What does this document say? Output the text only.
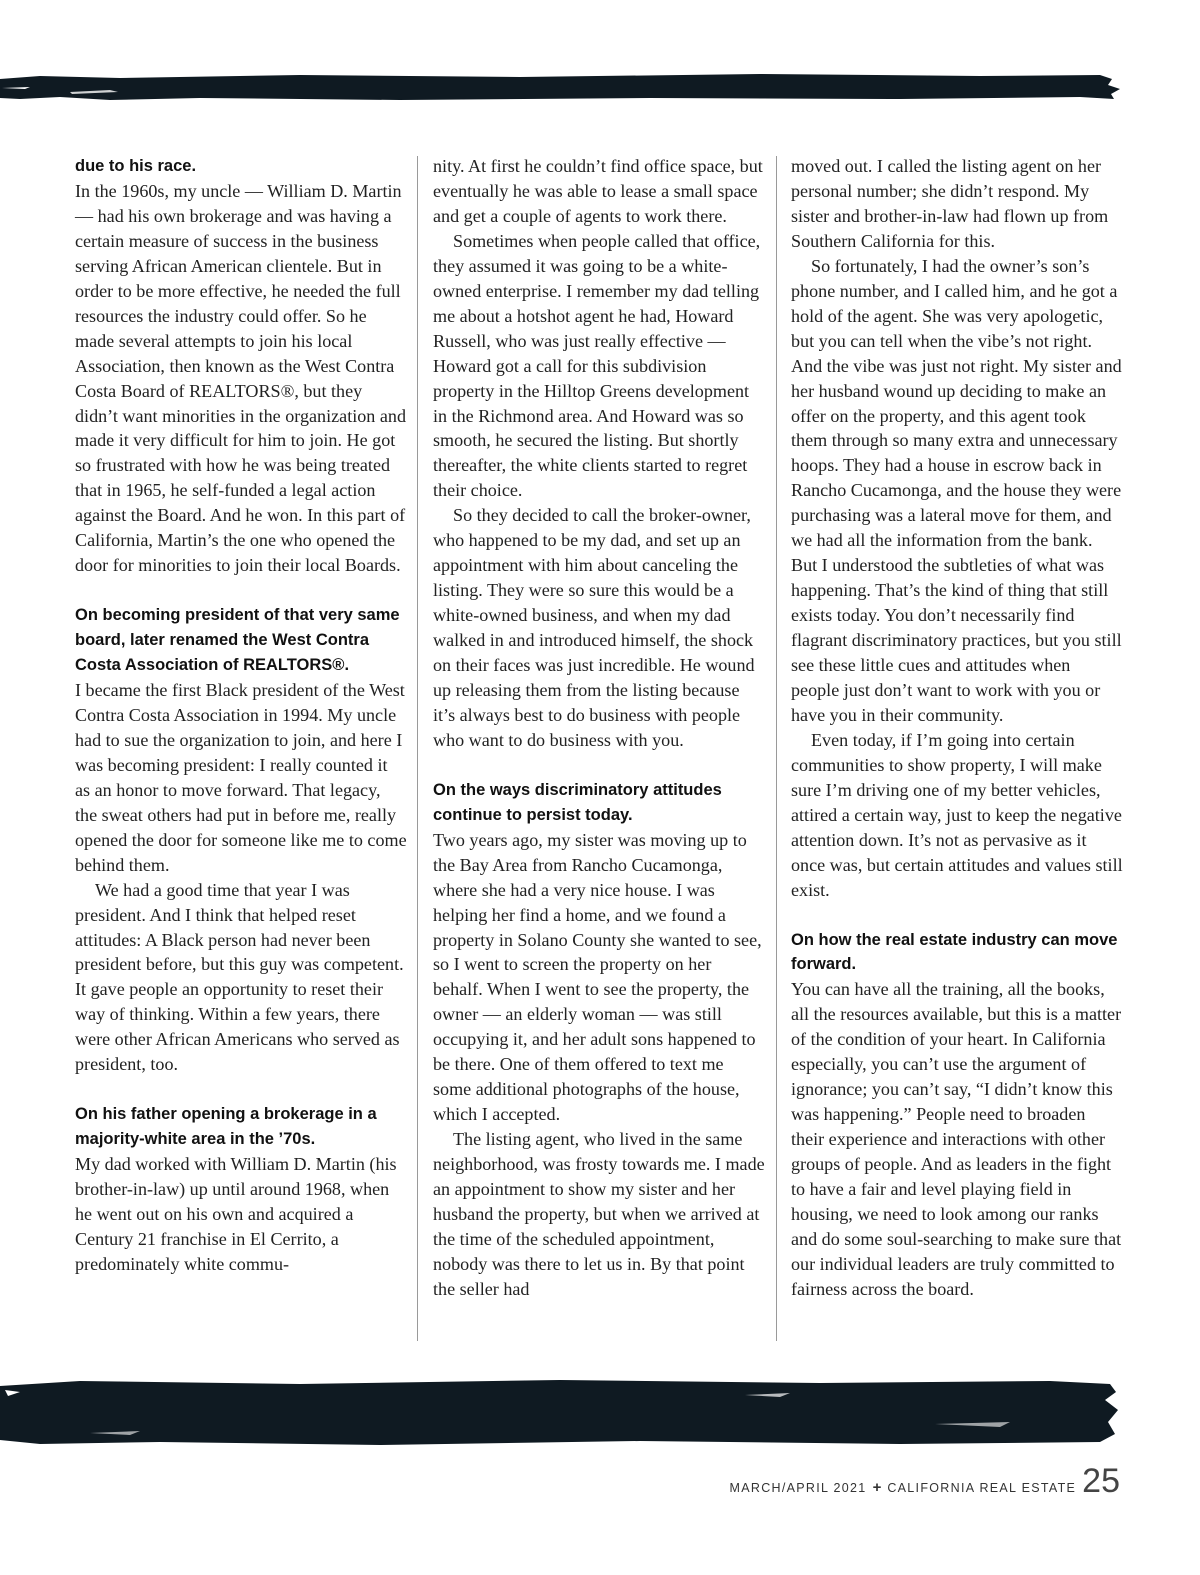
due to his race.

In the 1960s, my uncle — William D. Martin — had his own brokerage and was having a certain measure of success in the business serving African American clientele. But in order to be more effective, he needed the full resources the industry could offer. So he made several attempts to join his local Association, then known as the West Contra Costa Board of REALTORS®, but they didn’t want minorities in the organization and made it very difficult for him to join. He got so frustrated with how he was being treated that in 1965, he self-funded a legal action against the Board. And he won. In this part of California, Martin’s the one who opened the door for minorities to join their local Boards.

On becoming president of that very same board, later renamed the West Contra Costa Association of REALTORS®.

I became the first Black president of the West Contra Costa Association in 1994. My uncle had to sue the organization to join, and here I was becoming president: I really counted it as an honor to move forward. That legacy, the sweat others had put in before me, really opened the door for someone like me to come behind them.

We had a good time that year I was president. And I think that helped reset attitudes: A Black person had never been president before, but this guy was competent. It gave people an opportunity to reset their way of thinking. Within a few years, there were other African Americans who served as president, too.

On his father opening a brokerage in a majority-white area in the ’70s.

My dad worked with William D. Martin (his brother-in-law) up until around 1968, when he went out on his own and acquired a Century 21 franchise in El Cerrito, a predominately white commu-

nity. At first he couldn’t find office space, but eventually he was able to lease a small space and get a couple of agents to work there.

Sometimes when people called that office, they assumed it was going to be a white-owned enterprise. I remember my dad telling me about a hotshot agent he had, Howard Russell, who was just really effective — Howard got a call for this subdivision property in the Hilltop Greens development in the Richmond area. And Howard was so smooth, he secured the listing. But shortly thereafter, the white clients started to regret their choice.

So they decided to call the broker-owner, who happened to be my dad, and set up an appointment with him about canceling the listing. They were so sure this would be a white-owned business, and when my dad walked in and introduced himself, the shock on their faces was just incredible. He wound up releasing them from the listing because it’s always best to do business with people who want to do business with you.

On the ways discriminatory attitudes continue to persist today.

Two years ago, my sister was moving up to the Bay Area from Rancho Cucamonga, where she had a very nice house. I was helping her find a home, and we found a property in Solano County she wanted to see, so I went to screen the property on her behalf. When I went to see the property, the owner — an elderly woman — was still occupying it, and her adult sons happened to be there. One of them offered to text me some additional photographs of the house, which I accepted.

The listing agent, who lived in the same neighborhood, was frosty towards me. I made an appointment to show my sister and her husband the property, but when we arrived at the time of the scheduled appointment, nobody was there to let us in. By that point the seller had

moved out. I called the listing agent on her personal number; she didn’t respond. My sister and brother-in-law had flown up from Southern California for this.

So fortunately, I had the owner’s son’s phone number, and I called him, and he got a hold of the agent. She was very apologetic, but you can tell when the vibe’s not right. And the vibe was just not right. My sister and her husband wound up deciding to make an offer on the property, and this agent took them through so many extra and unnecessary hoops. They had a house in escrow back in Rancho Cucamonga, and the house they were purchasing was a lateral move for them, and we had all the information from the bank. But I understood the subtleties of what was happening. That’s the kind of thing that still exists today. You don’t necessarily find flagrant discriminatory practices, but you still see these little cues and attitudes when people just don’t want to work with you or have you in their community.

Even today, if I’m going into certain communities to show property, I will make sure I’m driving one of my better vehicles, attired a certain way, just to keep the negative attention down. It’s not as pervasive as it once was, but certain attitudes and values still exist.

On how the real estate industry can move forward.

You can have all the training, all the books, all the resources available, but this is a matter of the condition of your heart. In California especially, you can’t use the argument of ignorance; you can’t say, “I didn’t know this was happening.” People need to broaden their experience and interactions with other groups of people. And as leaders in the fight to have a fair and level playing field in housing, we need to look among our ranks and do some soul-searching to make sure that our individual leaders are truly committed to fairness across the board.

MARCH/APRIL 2021 + CALIFORNIA REAL ESTATE 25
